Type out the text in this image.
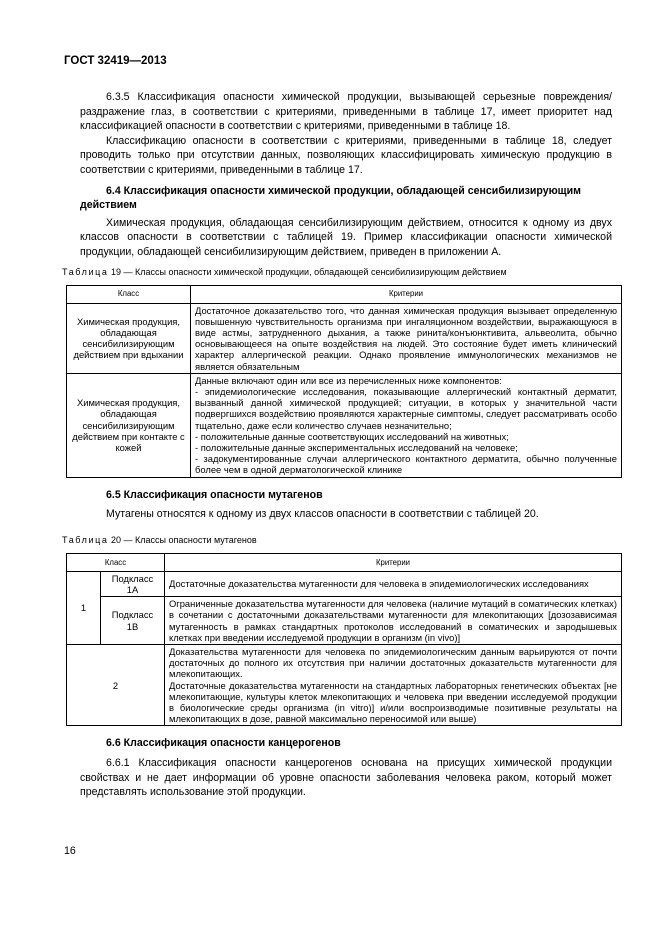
ГОСТ 32419—2013

6.3.5 Классификация опасности химической продукции, вызывающей серьезные повреждения/раздражение глаз, в соответствии с критериями, приведенными в таблице 17, имеет приоритет над классификацией опасности в соответствии с критериями, приведенными в таблице 18.

Классификацию опасности в соответствии с критериями, приведенными в таблице 18, следует проводить только при отсутствии данных, позволяющих классифицировать химическую продукцию в соответствии с критериями, приведенными в таблице 17.

6.4 Классификация опасности химической продукции, обладающей сенсибилизирующим действием

Химическая продукция, обладающая сенсибилизирующим действием, относится к одному из двух классов опасности в соответствии с таблицей 19. Пример классификации опасности химической продукции, обладающей сенсибилизирующим действием, приведен в приложении А.

Таблица 19 — Классы опасности химической продукции, обладающей сенсибилизирующим действием
Класс	Критерии
Химическая продукция, обладающая сенсибилизирующим действием при вдыхании	Достаточное доказательство того, что данная химическая продукция вызывает определенную повышенную чувствительность организма при ингаляционном воздействии, выражающуюся в виде астмы, затрудненного дыхания, а также ринита/конъюнктивита, альвеолита, обычно основывающееся на опыте воздействия на людей. Это состояние будет иметь клинический характер аллергической реакции. Однако проявление иммунологических механизмов не является обязательным
Химическая продукция, обладающая сенсибилизирующим действием при контакте с кожей	Данные включают один или все из перечисленных ниже компонентов:
- эпидемиологические исследования, показывающие аллергический контактный дерматит, вызванный данной химической продукцией; ситуации, в которых у значительной части подвергшихся воздействию проявляются характерные симптомы, следует рассматривать особо тщательно, даже если количество случаев незначительно;
- положительные данные соответствующих исследований на животных;
- положительные данные экспериментальных исследований на человеке;
- задокументированные случаи аллергического контактного дерматита, обычно полученные более чем в одной дерматологической клинике
6.5 Классификация опасности мутагенов

Мутагены относятся к одному из двух классов опасности в соответствии с таблицей 20.

Таблица 20 — Классы опасности мутагенов
Класс		Критерии
1	Подкласс 1А	Достаточные доказательства мутагенности для человека в эпидемиологических исследованиях
	Подкласс 1В	Ограниченные доказательства мутагенности для человека (наличие мутаций в соматических клетках) в сочетании с достаточными доказательствами мутагенности для млекопитающих [дозозависимая мутагенность в рамках стандартных протоколов исследований в соматических и зародышевых клетках при введении исследуемой продукции в организм (in vivo)]
2		Доказательства мутагенности для человека по эпидемиологическим данным варьируются от почти достаточных до полного их отсутствия при наличии достаточных доказательств мутагенности для млекопитающих.
Достаточные доказательства мутагенности на стандартных лабораторных генетических объектах [не млекопитающие, культуры клеток млекопитающих и человека при введении исследуемой продукции в биологические среды организма (in vitro)] и/или воспроизводимые позитивные результаты на млекопитающих в дозе, равной максимально переносимой или выше)
6.6 Классификация опасности канцерогенов

6.6.1 Классификация опасности канцерогенов основана на присущих химической продукции свойствах и не дает информации об уровне опасности заболевания человека раком, который может представлять использование этой продукции.

16
